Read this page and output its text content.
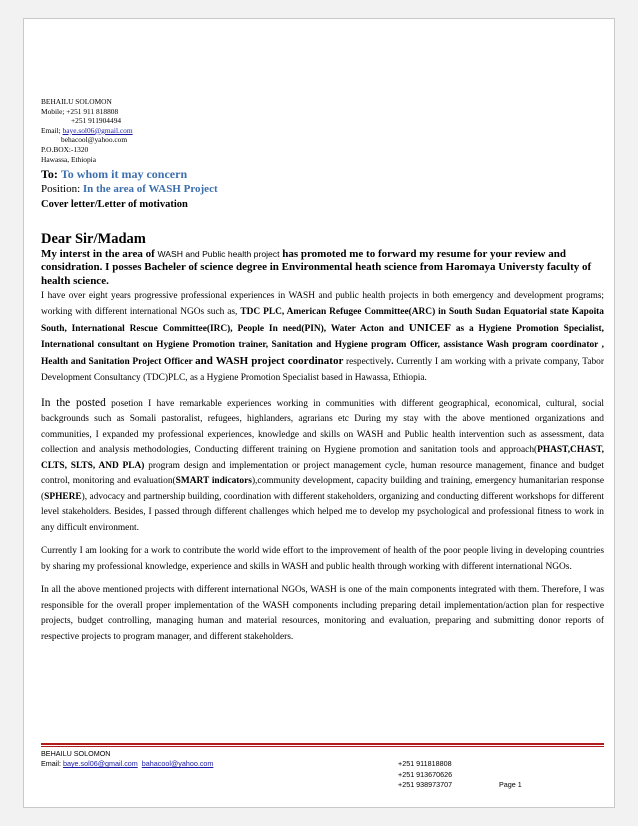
BEHAILU SOLOMON
Mobile; +251 911 818808
+251 911904494
Email; baye.sol06@gmail.com
behacool@yahoo.com
P.O.BOX:-1320
Hawassa, Ethiopia
To: To whom it may concern
Position: In the area of WASH Project
Cover letter/Letter of motivation
Dear Sir/Madam
My interst in the area of WASH and Public health project has promoted me to forward my resume for your review and considration. I posses Bacheler of science degree in Environmental heath science from Haromaya Universty faculty of health science.

I have over eight years progressive professional experiences in WASH and public health projects in both emergency and development programs; working with different international NGOs such as, TDC PLC, American Refugee Committee(ARC) in South Sudan Equatorial state Kapoita South, International Rescue Committee(IRC), People In need(PIN), Water Acton and UNICEF as a Hygiene Promotion Specialist, International consultant on Hygiene Promotion trainer, Sanitation and Hygiene program Officer, assistance Wash program coordinator , Health and Sanitation Project Officer and WASH project coordinator respectively. Currently I am working with a private company, Tabor Development Consultancy (TDC)PLC, as a Hygiene Promotion Specialist based in Hawassa, Ethiopia.

In the posted posetion I have remarkable experiences working in communities with different geographical, economical, cultural, social backgrounds such as Somali pastoralist, refugees, highlanders, agrarians etc During my stay with the above mentioned organizations and communities, I expanded my professional experiences, knowledge and skills on WASH and Public health intervention such as assessment, data collection and analysis methodologies, Conducting different training on Hygiene promotion and sanitation tools and approach(PHAST,CHAST, CLTS, SLTS, AND PLA) program design and implementation or project management cycle, human resource management, finance and budget control, monitoring and evaluation(SMART indicators),community development, capacity building and training, emergency humanitarian response (SPHERE), advocacy and partnership building, coordination with different stakeholders, organizing and conducting different workshops for different level stakeholders. Besides, I passed through different challenges which helped me to develop my psychological and professional fitness to work in any difficult environment.

Currently I am looking for a work to contribute the world wide effort to the improvement of health of the poor people living in developing countries by sharing my professional knowledge, experience and skills in WASH and public health through working with different international NGOs.

In all the above mentioned projects with different international NGOs, WASH is one of the main components integrated with them. Therefore, I was responsible for the overall proper implementation of the WASH components including preparing detail implementation/action plan for respective projects, budget controlling, managing human and material resources, monitoring and evaluation, preparing and submitting donor reports of respective projects to program manager, and different stakeholders.

BEHAILU SOLOMON
Email: baye.sol06@gmail.com bahacool@yahoo.com	+251 911818808
+251 913670626
+251 938973707	Page 1
